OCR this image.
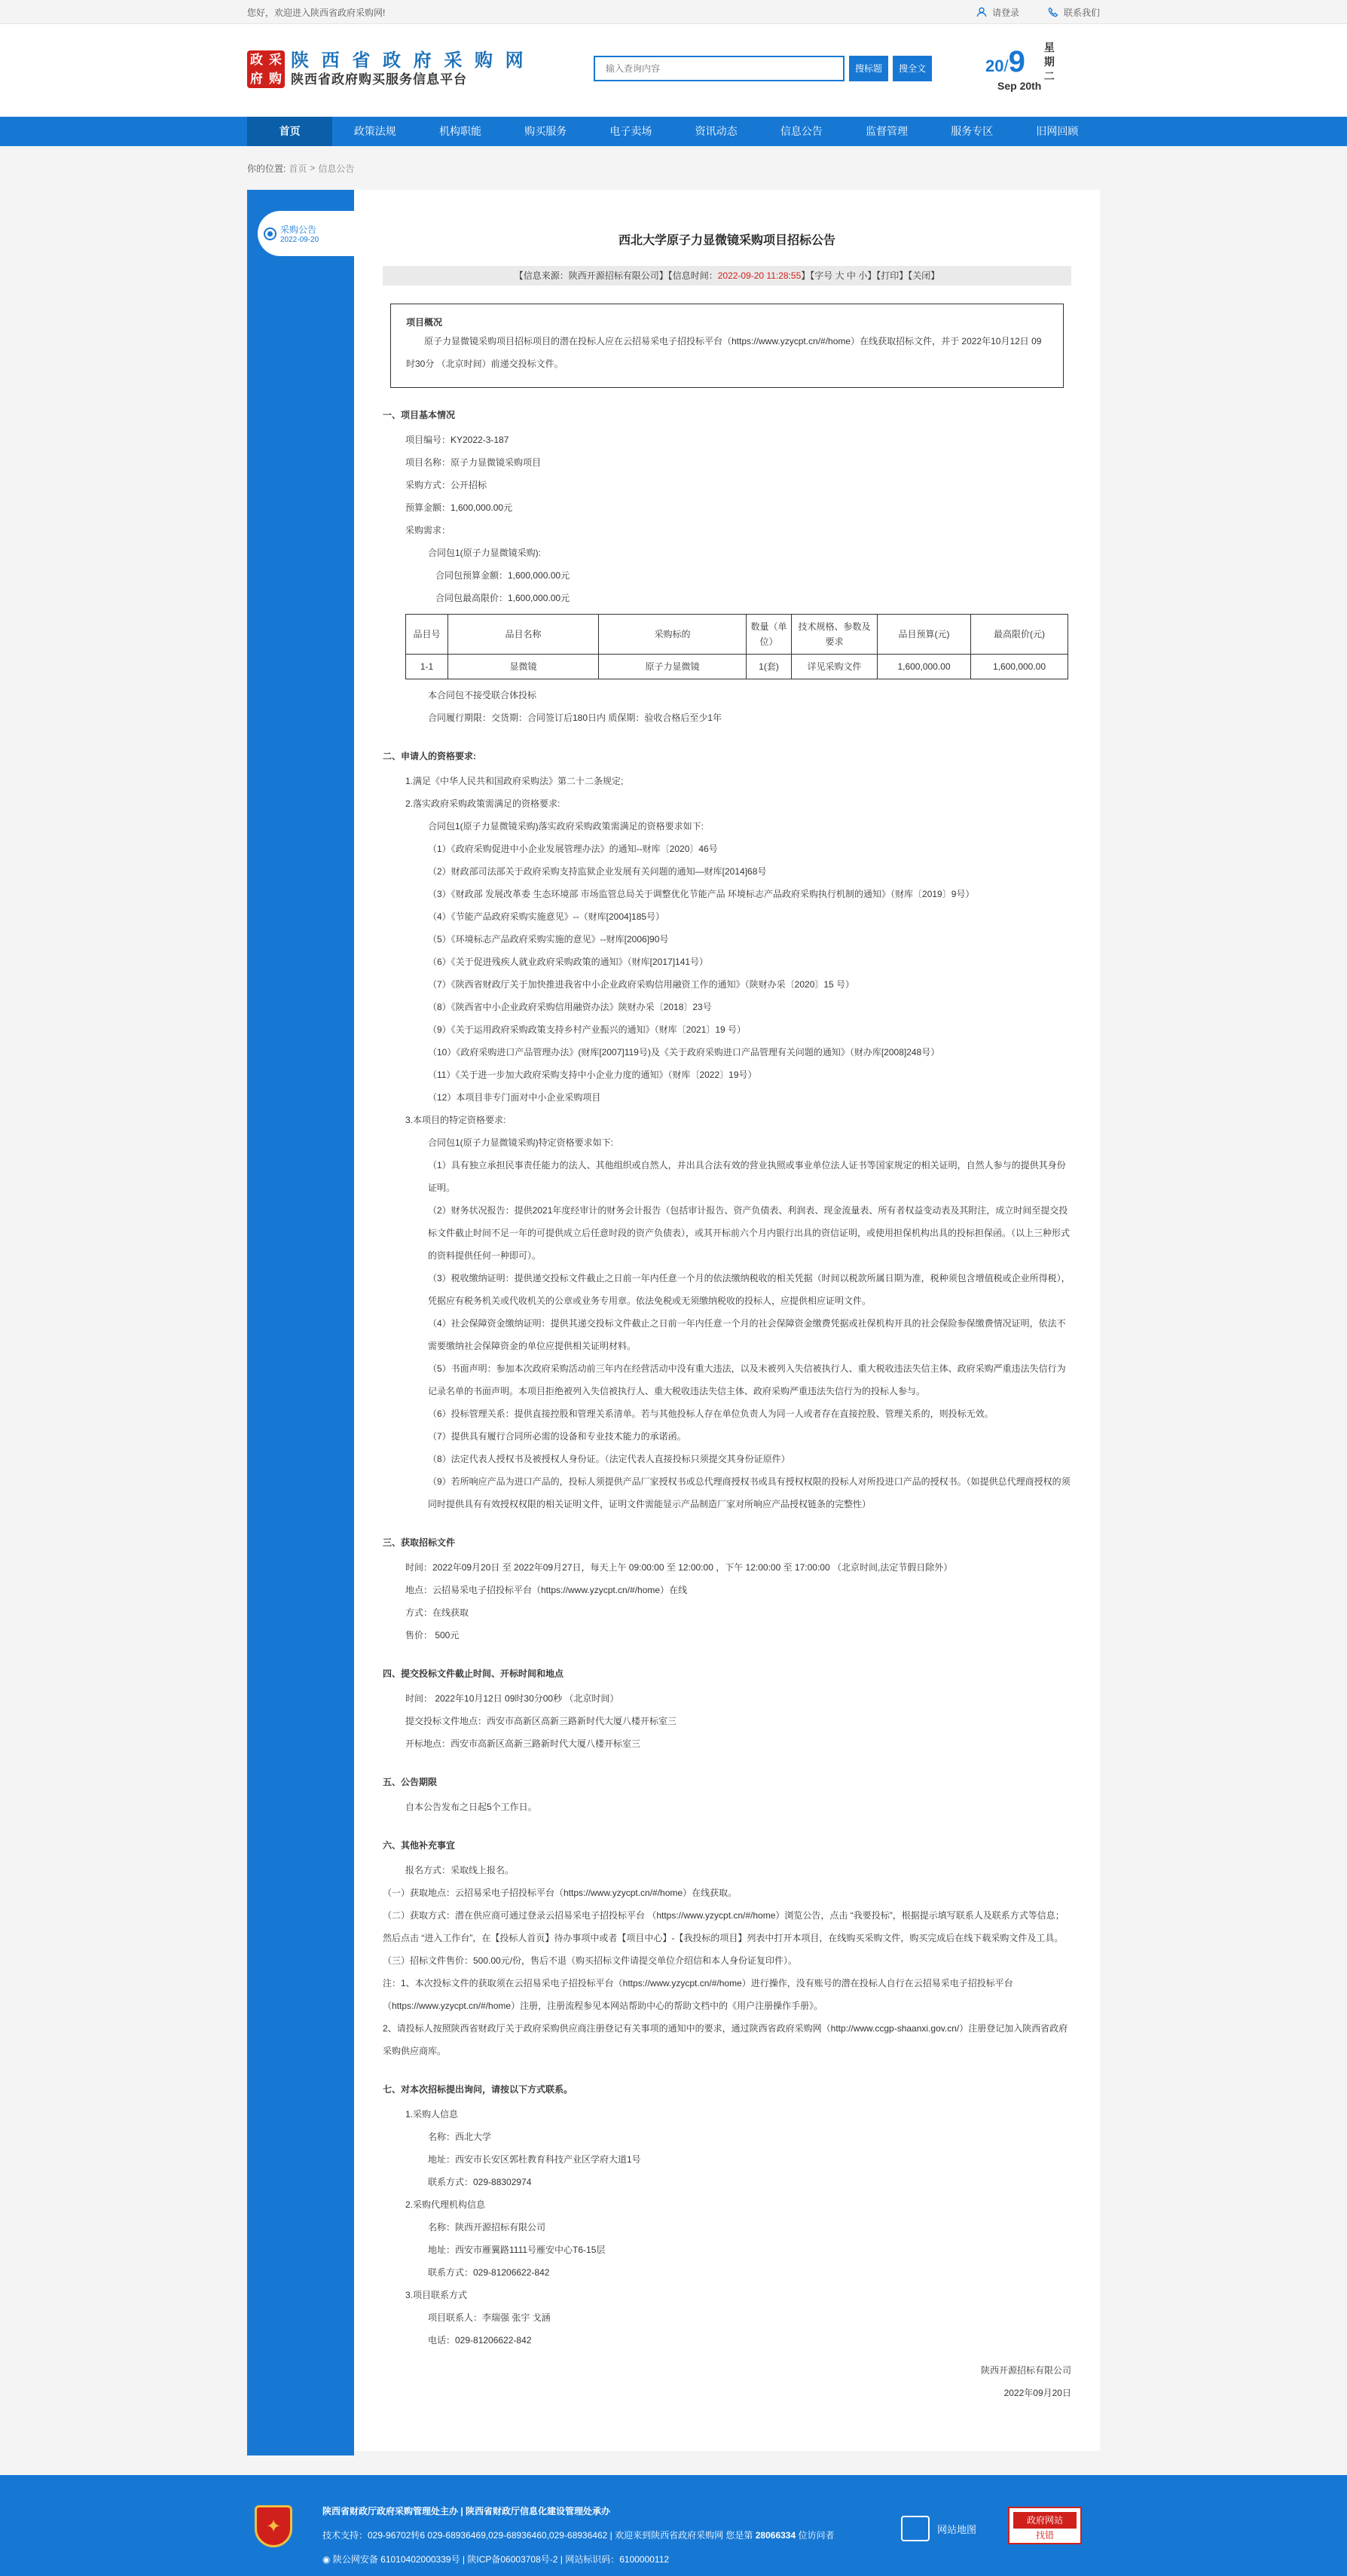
您好，欢迎进入陕西省政府采购网!	请登录	联系我们
政 采
府 购
陕 西 省 政 府 采 购 网
陕西省政府购买服务信息平台
输入查询内容
搜标题	搜全文	20/9
Sep 20th
星
期
二
首页	政策法规	机构职能	购买服务	电子卖场	资讯动态	信息公告	监督管理	服务专区	旧网回顾
你的位置: 首页 > 信息公告
采购公告
2022-09-20	西北大学原子力显微镜采购项目招标公告
【信息来源：陕西开源招标有限公司】【信息时间：2022-09-20 11:28:55】【字号 大 中 小】【打印】【关闭】
项目概况

原子力显微镜采购项目招标项目的潜在投标人应在云招易采电子招投标平台（https://www.yzycpt.cn/#/home）在线获取招标文件，并于 2022年10月12日 09时30分 （北京时间）前递交投标文件。

一、项目基本情况

项目编号：KY2022-3-187

项目名称：原子力显微镜采购项目

采购方式：公开招标

预算金额：1,600,000.00元

采购需求：

合同包1(原子力显微镜采购):

合同包预算金额：1,600,000.00元

合同包最高限价：1,600,000.00元

品目号	品目名称	采购标的	数量（单位）	技术规格、参数及要求	品目预算(元)	最高限价(元)
1-1	显微镜	原子力显微镜	1(套)	详见采购文件	1,600,000.00	1,600,000.00

本合同包不接受联合体投标

合同履行期限：交货期：合同签订后180日内 质保期：验收合格后至少1年

二、申请人的资格要求:

1.满足《中华人民共和国政府采购法》第二十二条规定;

2.落实政府采购政策需满足的资格要求:

合同包1(原子力显微镜采购)落实政府采购政策需满足的资格要求如下:

（1）《政府采购促进中小企业发展管理办法》的通知--财库〔2020〕46号

（2）财政部司法部关于政府采购支持监狱企业发展有关问题的通知—财库[2014]68号

（3）《财政部 发展改革委 生态环境部 市场监管总局关于调整优化节能产品 环境标志产品政府采购执行机制的通知》（财库〔2019〕9号）

（4）《节能产品政府采购实施意见》--（财库[2004]185号）

（5）《环境标志产品政府采购实施的意见》--财库[2006]90号

（6）《关于促进残疾人就业政府采购政策的通知》（财库[2017]141号）

（7）《陕西省财政厅关于加快推进我省中小企业政府采购信用融资工作的通知》（陕财办采〔2020〕15 号）

（8）《陕西省中小企业政府采购信用融资办法》陕财办采〔2018〕23号

（9）《关于运用政府采购政策支持乡村产业振兴的通知》（财库〔2021〕19 号）

（10）《政府采购进口产品管理办法》(财库[2007]119号)及《关于政府采购进口产品管理有关问题的通知》（财办库[2008]248号）

（11）《关于进一步加大政府采购支持中小企业力度的通知》（财库〔2022〕19号）

（12）本项目非专门面对中小企业采购项目

3.本项目的特定资格要求:

合同包1(原子力显微镜采购)特定资格要求如下:

（1）具有独立承担民事责任能力的法人、其他组织或自然人，并出具合法有效的营业执照或事业单位法人证书等国家规定的相关证明，自然人参与的提供其身份证明。

（2）财务状况报告：提供2021年度经审计的财务会计报告（包括审计报告、资产负债表、利润表、现金流量表、所有者权益变动表及其附注，成立时间至提交投标文件截止时间不足一年的可提供成立后任意时段的资产负债表），或其开标前六个月内银行出具的资信证明，或使用担保机构出具的投标担保函。（以上三种形式的资料提供任何一种即可）。

（3）税收缴纳证明：提供递交投标文件截止之日前一年内任意一个月的依法缴纳税收的相关凭据（时间以税款所属日期为准，税种须包含增值税或企业所得税），凭据应有税务机关或代收机关的公章或业务专用章。依法免税或无须缴纳税收的投标人，应提供相应证明文件。

（4）社会保障资金缴纳证明：提供其递交投标文件截止之日前一年内任意一个月的社会保障资金缴费凭据或社保机构开具的社会保险参保缴费情况证明，依法不需要缴纳社会保障资金的单位应提供相关证明材料。

（5）书面声明：参加本次政府采购活动前三年内在经营活动中没有重大违法，以及未被列入失信被执行人、重大税收违法失信主体、政府采购严重违法失信行为记录名单的书面声明。本项目拒绝被列入失信被执行人、重大税收违法失信主体、政府采购严重违法失信行为的投标人参与。

（6）投标管理关系：提供直接控股和管理关系清单。若与其他投标人存在单位负责人为同一人或者存在直接控股、管理关系的，则投标无效。

（7）提供具有履行合同所必需的设备和专业技术能力的承诺函。

（8）法定代表人授权书及被授权人身份证。（法定代表人直接投标只须提交其身份证原件）

（9）若所响应产品为进口产品的，投标人须提供产品厂家授权书或总代理商授权书或具有授权权限的投标人对所投进口产品的授权书。（如提供总代理商授权的须同时提供具有有效授权权限的相关证明文件，证明文件需能显示产品制造厂家对所响应产品授权链条的完整性）

三、获取招标文件

时间：2022年09月20日 至 2022年09月27日，每天上午 09:00:00 至 12:00:00 ，下午 12:00:00 至 17:00:00 （北京时间,法定节假日除外）

地点：云招易采电子招投标平台（https://www.yzycpt.cn/#/home）在线

方式：在线获取

售价： 500元

四、提交投标文件截止时间、开标时间和地点

时间： 2022年10月12日 09时30分00秒 （北京时间）

提交投标文件地点：西安市高新区高新三路新时代大厦八楼开标室三

开标地点：西安市高新区高新三路新时代大厦八楼开标室三

五、公告期限

自本公告发布之日起5个工作日。

六、其他补充事宜

报名方式：采取线上报名。

（一）获取地点：云招易采电子招投标平台（https://www.yzycpt.cn/#/home）在线获取。

（二）获取方式：潜在供应商可通过登录云招易采电子招投标平台 （https://www.yzycpt.cn/#/home）浏览公告，点击 “我要投标”，根据提示填写联系人及联系方式等信息；然后点击 “进入工作台”，在【投标人首页】待办事项中或者【项目中心】-【我投标的项目】列表中打开本项目，在线购买采购文件，购买完成后在线下载采购文件及工具。

（三）招标文件售价：500.00元/份，售后不退（购买招标文件请提交单位介绍信和本人身份证复印件）。

注：1、本次投标文件的获取须在云招易采电子招投标平台（https://www.yzycpt.cn/#/home）进行操作，没有账号的潜在投标人自行在云招易采电子招投标平台（https://www.yzycpt.cn/#/home）注册，注册流程参见本网站帮助中心的帮助文档中的《用户注册操作手册》。

2、请投标人按照陕西省财政厅关于政府采购供应商注册登记有关事项的通知中的要求，通过陕西省政府采购网（http://www.ccgp-shaanxi.gov.cn/）注册登记加入陕西省政府采购供应商库。

七、对本次招标提出询问，请按以下方式联系。

1.采购人信息

名称：西北大学

地址：西安市长安区郭杜教育科技产业区学府大道1号

联系方式：029-88302974

2.采购代理机构信息

名称：陕西开源招标有限公司

地址：西安市雁翼路1111号雁安中心T6-15层

联系方式：029-81206622-842

3.项目联系方式

项目联系人：李瑞强 张宇 戈涵

电话：029-81206622-842

陕西开源招标有限公司
2022年09月20日
✦
陕西省财政厅政府采购管理处主办 | 陕西省财政厅信息化建设管理处承办
技术支持：029-96702转6 029-68936469,029-68936460,029-68936462 | 欢迎来到陕西省政府采购网 您是第 28066334 位访问者
◉ 陕公网安备 61010402000339号 | 陕ICP备06003708号-2 | 网站标识码：6100000112
网站地图
政府网站
找错
